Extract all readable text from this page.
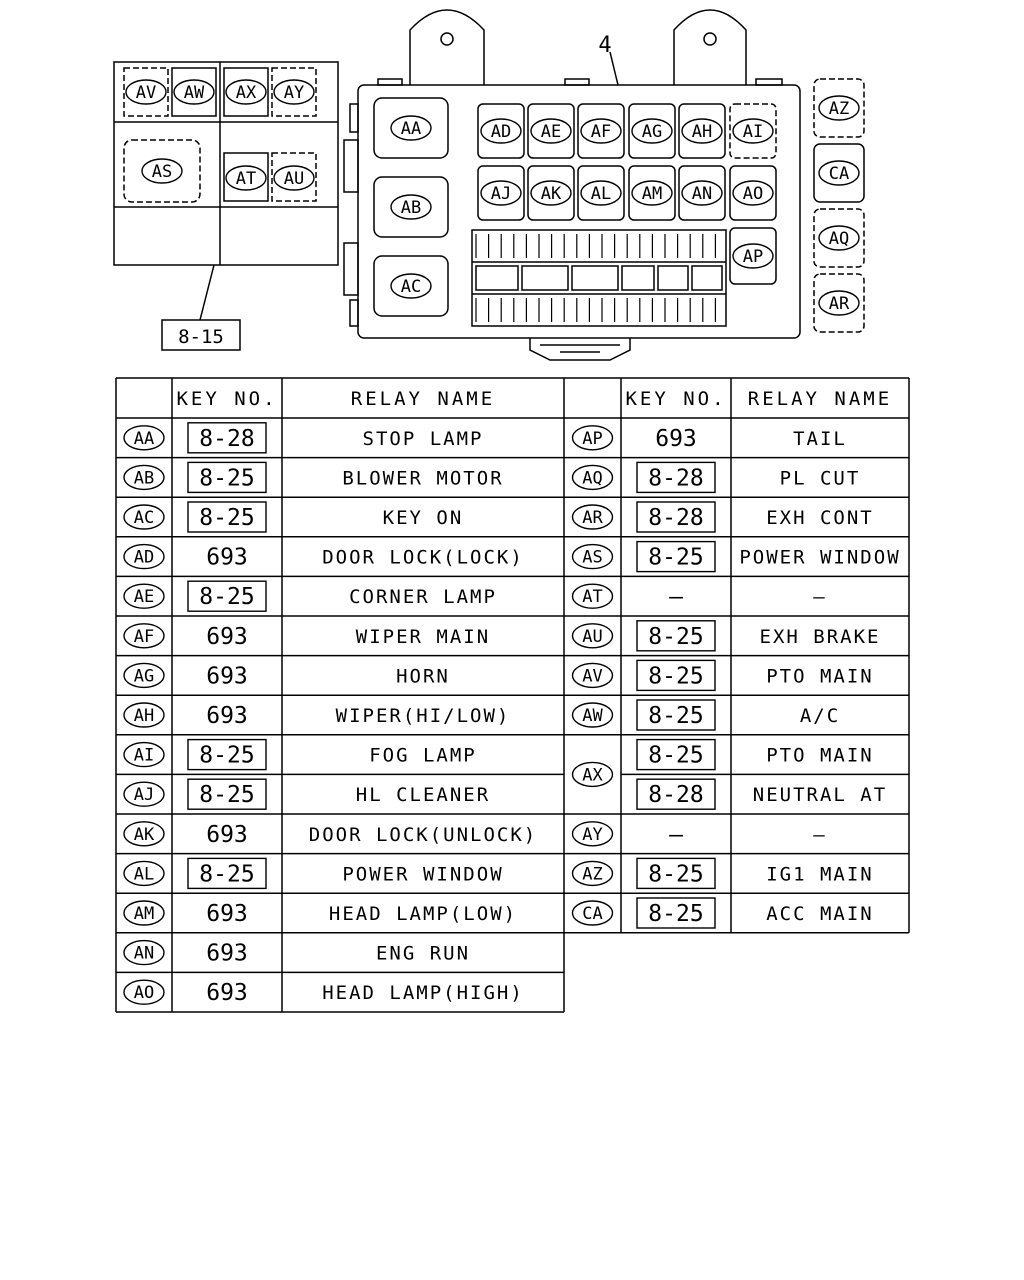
8-15
4
AV AW AX AY
AS	AT AU
AA
AB
AC
AD AE AF AG AH AI
AJ AK AL AM AN AO
AP
AZ
CA
AQ
AR
KEY NO.	RELAY NAME	KEY NO. RELAY NAME
AA 8-28	STOP LAMP
AB 8-25	BLOWER MOTOR
AC 8-25	KEY ON
AD 693	DOOR LOCK(LOCK)
AE 8-25	CORNER LAMP
AF 693	WIPER MAIN
AG 693	HORN
AH 693	WIPER(HI/LOW)
AI 8-25	FOG LAMP
AJ 8-25	HL CLEANER
AK 693	DOOR LOCK(UNLOCK)
AL 8-25	POWER WINDOW
AM 693	HEAD LAMP(LOW)
AN 693	ENG RUN
AO 693	HEAD LAMP(HIGH)
AP 693	TAIL
AQ 8-28	PL CUT
AR 8-28	EXH CONT
AS 8-25 POWER WINDOW
AT	—	—
AU 8-25	EXH BRAKE
AV 8-25	PTO MAIN
AW 8-25	A/C
AX
8-25	PTO MAIN
8-28	NEUTRAL AT
AY	—	—
AZ 8-25	IG1 MAIN
CA 8-25	ACC MAIN
